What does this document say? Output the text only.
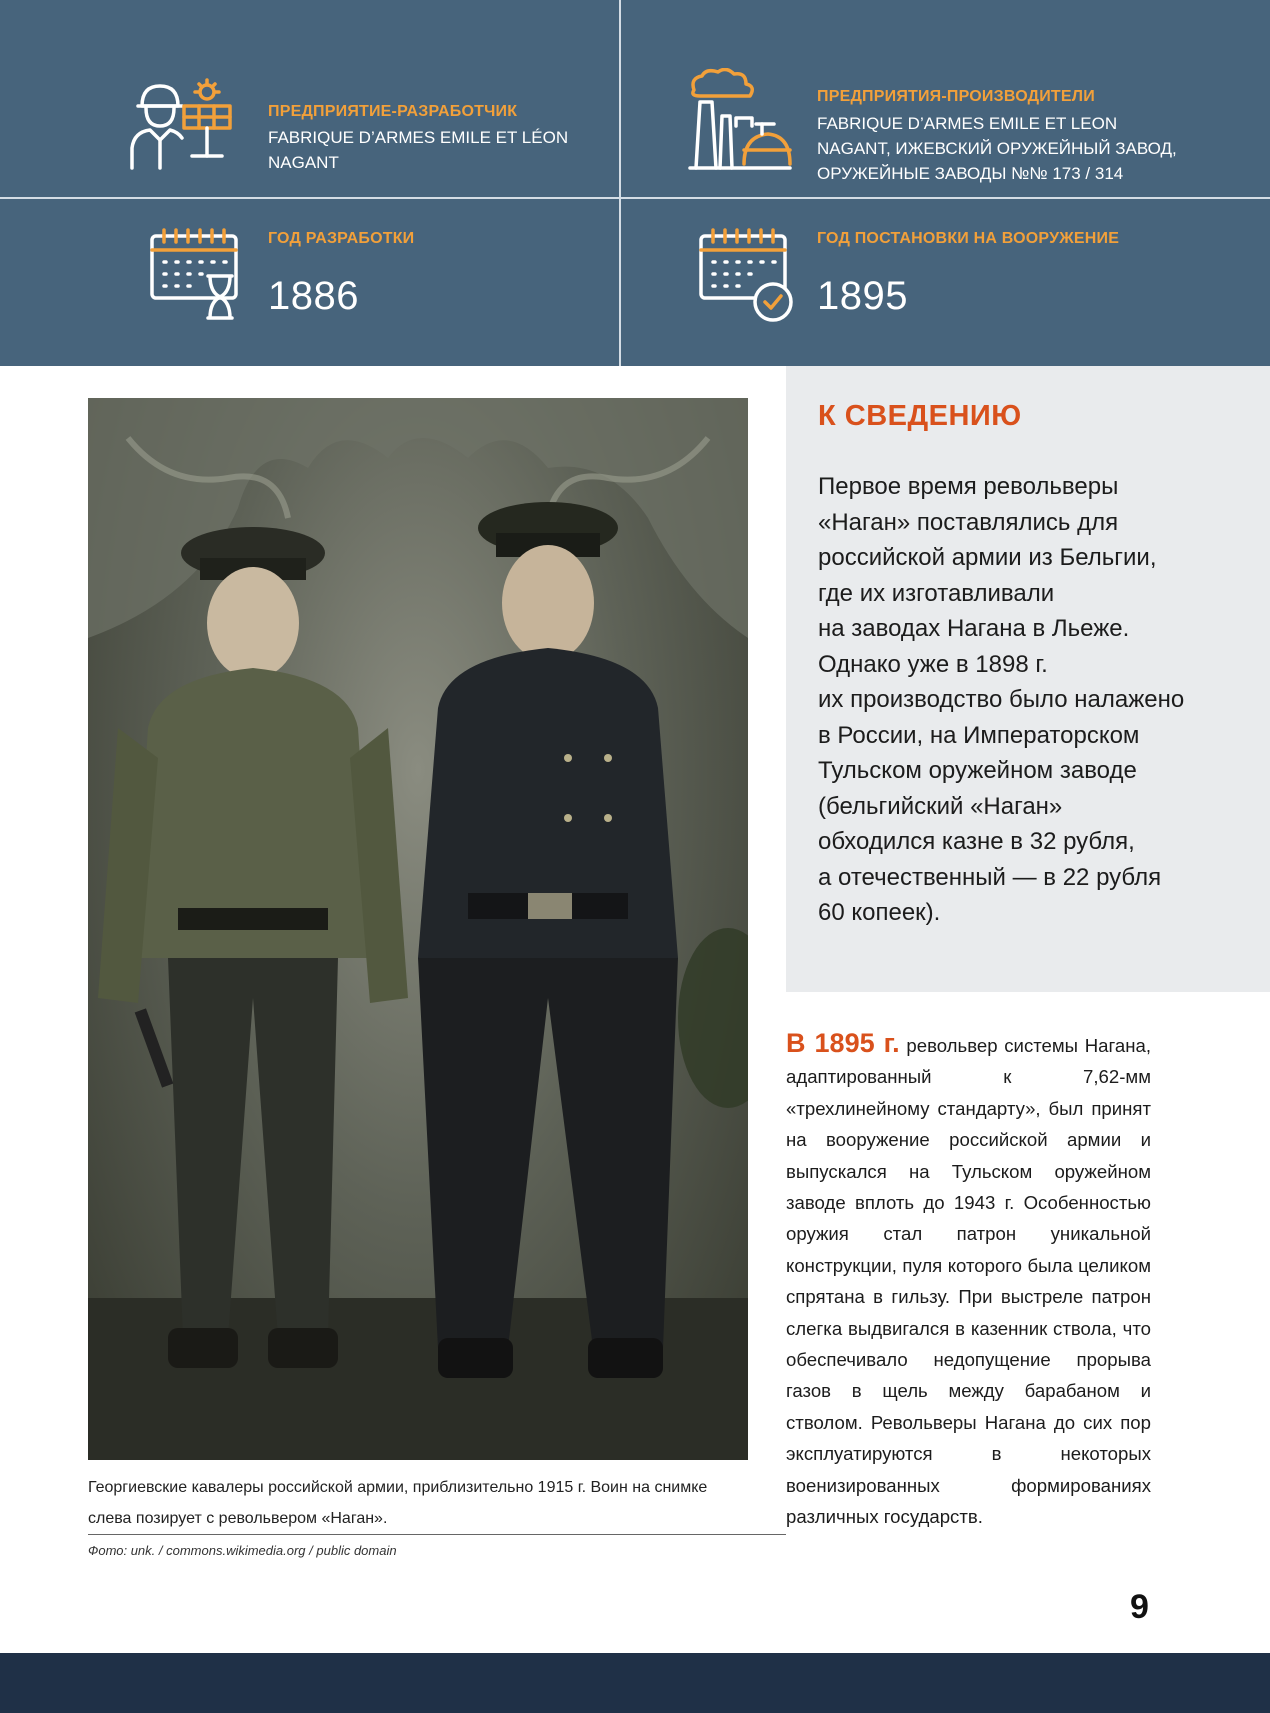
ПРЕДПРИЯТИЕ-РАЗРАБОТЧИК
FABRIQUE D’ARMES EMILE ET LÉON NAGANT
ПРЕДПРИЯТИЯ-ПРОИЗВОДИТЕЛИ
FABRIQUE D’ARMES EMILE ET LEON
NAGANT, ИЖЕВСКИЙ ОРУЖЕЙНЫЙ ЗАВОД,
ОРУЖЕЙНЫЕ ЗАВОДЫ №№ 173 / 314
ГОД РАЗРАБОТКИ
1886
ГОД ПОСТАНОВКИ НА ВООРУЖЕНИЕ
1895
Георгиевские кавалеры российской армии, приблизительно 1915 г. Воин на снимке слева позирует с револьвером «Наган».
Фото: unk. / commons.wikimedia.org / public domain
К СВЕДЕНИЮ
Первое время револьверы
«Наган» поставлялись для
российской армии из Бельгии,
где их изготавливали
на заводах Нагана в Льеже.
Однако уже в 1898 г.
их производство было налажено
в России, на Императорском
Тульском оружейном заводе
(бельгийский «Наган»
обходился казне в 32 рубля,
а отечественный — в 22 рубля
60 копеек).
В 1895 г. револьвер системы Нагана, адаптированный к 7,62-мм «трехлинейному стандарту», был принят на вооружение российской армии и выпускался на Тульском оружейном заводе вплоть до 1943 г. Особенностью оружия стал патрон уникальной конструкции, пуля которого была целиком спрятана в гильзу. При выстреле патрон слегка выдвигался в казенник ствола, что обеспечивало недопущение прорыва газов в щель между барабаном и стволом. Револьверы Нагана до сих пор эксплуатируются в некоторых военизированных формированиях различных государств.
9
